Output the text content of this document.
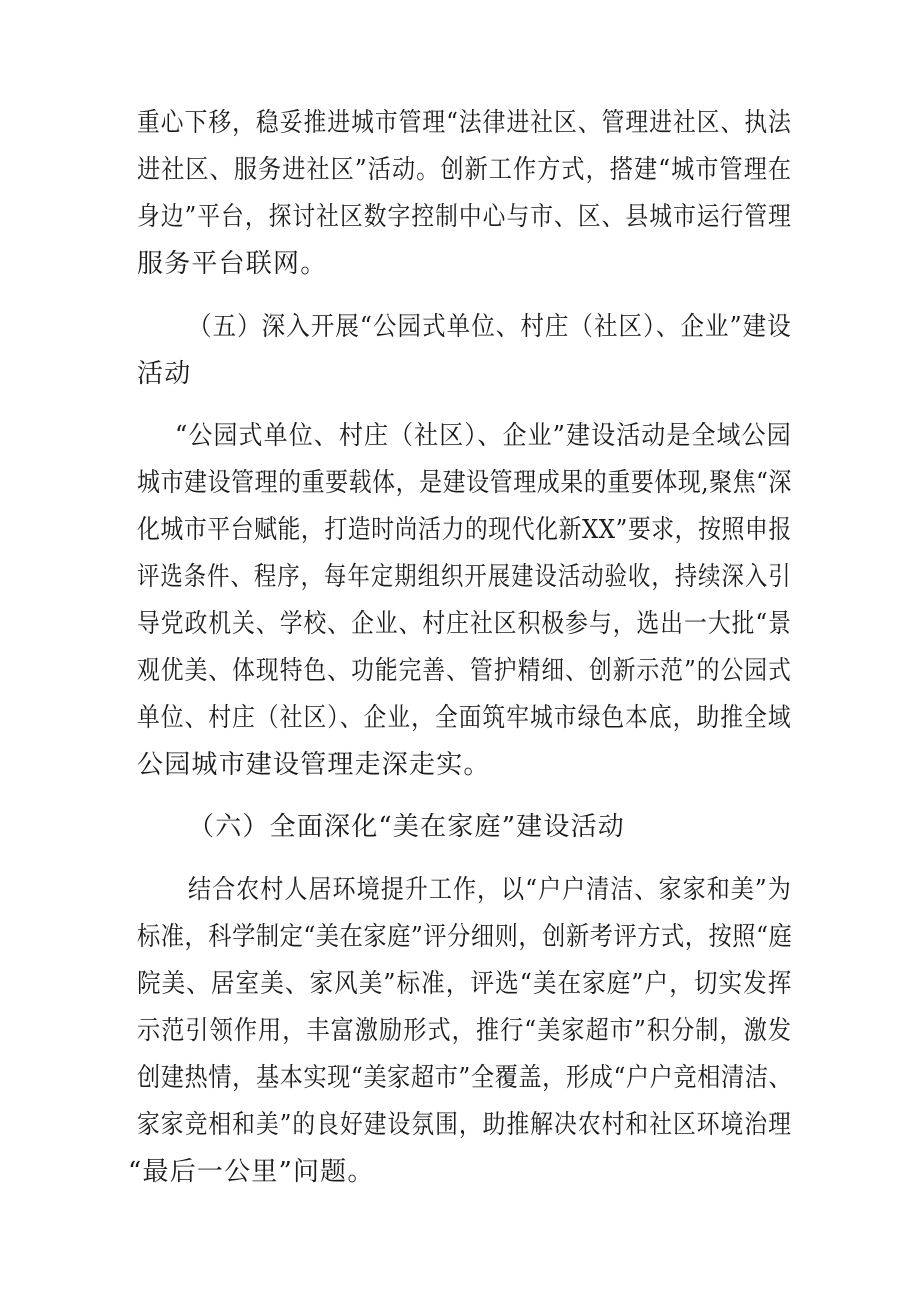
重心下移，稳妥推进城市管理“法律进社区、管理进社区、执法
进社区、服务进社区”活动。创新工作方式，搭建“城市管理在
身边”平台，探讨社区数字控制中心与市、区、县城市运行管理
服务平台联网。
（五）深入开展“公园式单位、村庄（社区）、企业”建设
活动
“公园式单位、村庄（社区）、企业”建设活动是全域公园
城市建设管理的重要载体，是建设管理成果的重要体现,聚焦“深
化城市平台赋能，打造时尚活力的现代化新XX”要求，按照申报
评选条件、程序，每年定期组织开展建设活动验收，持续深入引
导党政机关、学校、企业、村庄社区积极参与，选出一大批“景
观优美、体现特色、功能完善、管护精细、创新示范”的公园式
单位、村庄（社区）、企业，全面筑牢城市绿色本底，助推全域
公园城市建设管理走深走实。
（六）全面深化“美在家庭”建设活动
结合农村人居环境提升工作，以“户户清洁、家家和美”为
标准，科学制定“美在家庭”评分细则，创新考评方式，按照“庭
院美、居室美、家风美”标准，评选“美在家庭”户，切实发挥
示范引领作用，丰富激励形式，推行“美家超市”积分制，激发
创建热情，基本实现“美家超市”全覆盖，形成“户户竞相清洁、
家家竞相和美”的良好建设氛围，助推解决农村和社区环境治理
“最后一公里”问题。
